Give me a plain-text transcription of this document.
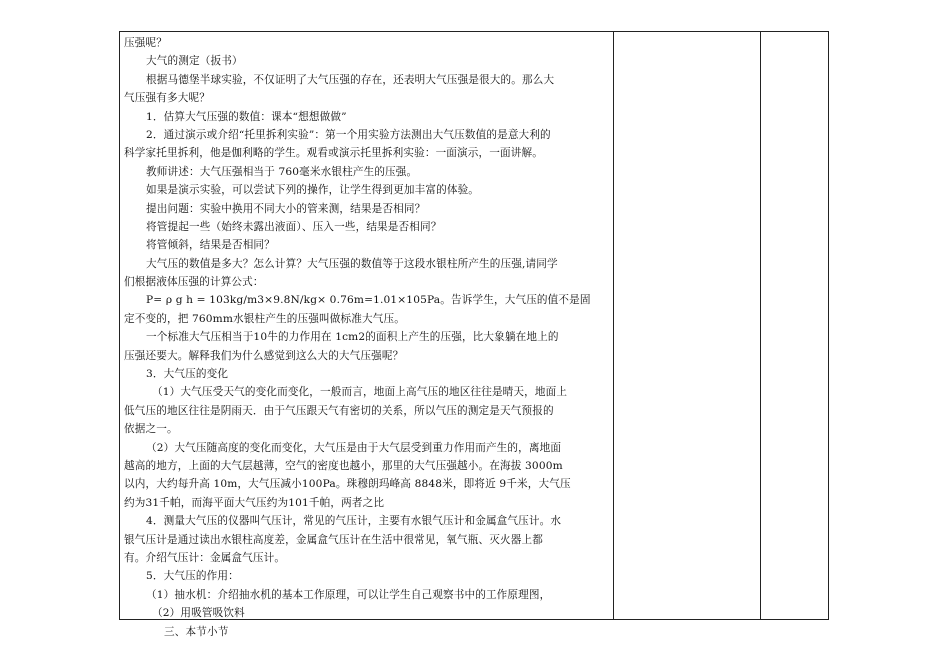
压强呢？
大气的测定（扳书）
根据马德堡半球实验，不仅证明了大气压强的存在，还表明大气压强是很大的。那么大
气压强有多大呢？
1．估算大气压强的数值：课本“想想做做”
2．通过演示或介绍“托里拆利实验”：第一个用实验方法测出大气压数值的是意大利的
科学家托里拆利，他是伽利略的学生。观看或演示托里拆利实验：一面演示，一面讲解。
教师讲述：大气压强相当于 760毫米水银柱产生的压强。
如果是演示实验，可以尝试下列的操作，让学生得到更加丰富的体验。
提出问题：实验中换用不同大小的管来测，结果是否相同？
将管提起一些（始终未露出液面）、压入一些，结果是否相同？
将管倾斜，结果是否相同？
大气压的数值是多大？怎么计算？大气压强的数值等于这段水银柱所产生的压强,请同学
们根据液体压强的计算公式：
P= ρ g h = 103kg/m3×9.8N/kg× 0.76m=1.01×105Pa。告诉学生，大气压的值不是固
定不变的，把 760mm水银柱产生的压强叫做标准大气压。
一个标准大气压相当于10牛的力作用在 1cm2的面积上产生的压强，比大象躺在地上的
压强还要大。解释我们为什么感觉到这么大的大气压强呢？
3．大气压的变化
（1）大气压受天气的变化而变化，一般而言，地面上高气压的地区往往是晴天，地面上
低气压的地区往往是阴雨天．由于气压跟天气有密切的关系，所以气压的测定是天气预报的
依据之一。
（2）大气压随高度的变化而变化，大气压是由于大气层受到重力作用而产生的，离地面
越高的地方，上面的大气层越薄，空气的密度也越小，那里的大气压强越小。在海拔 3000m
以内，大约每升高 10m，大气压减小100Pa。珠穆朗玛峰高 8848米，即将近 9千米，大气压
约为31千帕，而海平面大气压约为101千帕，两者之比
4．测量大气压的仪器叫气压计，常见的气压计，主要有水银气压计和金属盒气压计。水
银气压计是通过读出水银柱高度差，金属盒气压计在生活中很常见，氧气瓶、灭火器上都
有。介绍气压计：金属盒气压计。
5．大气压的作用：
（1）抽水机：介绍抽水机的基本工作原理，可以让学生自己观察书中的工作原理图，
（2）用吸管吸饮料
三、本节小节
